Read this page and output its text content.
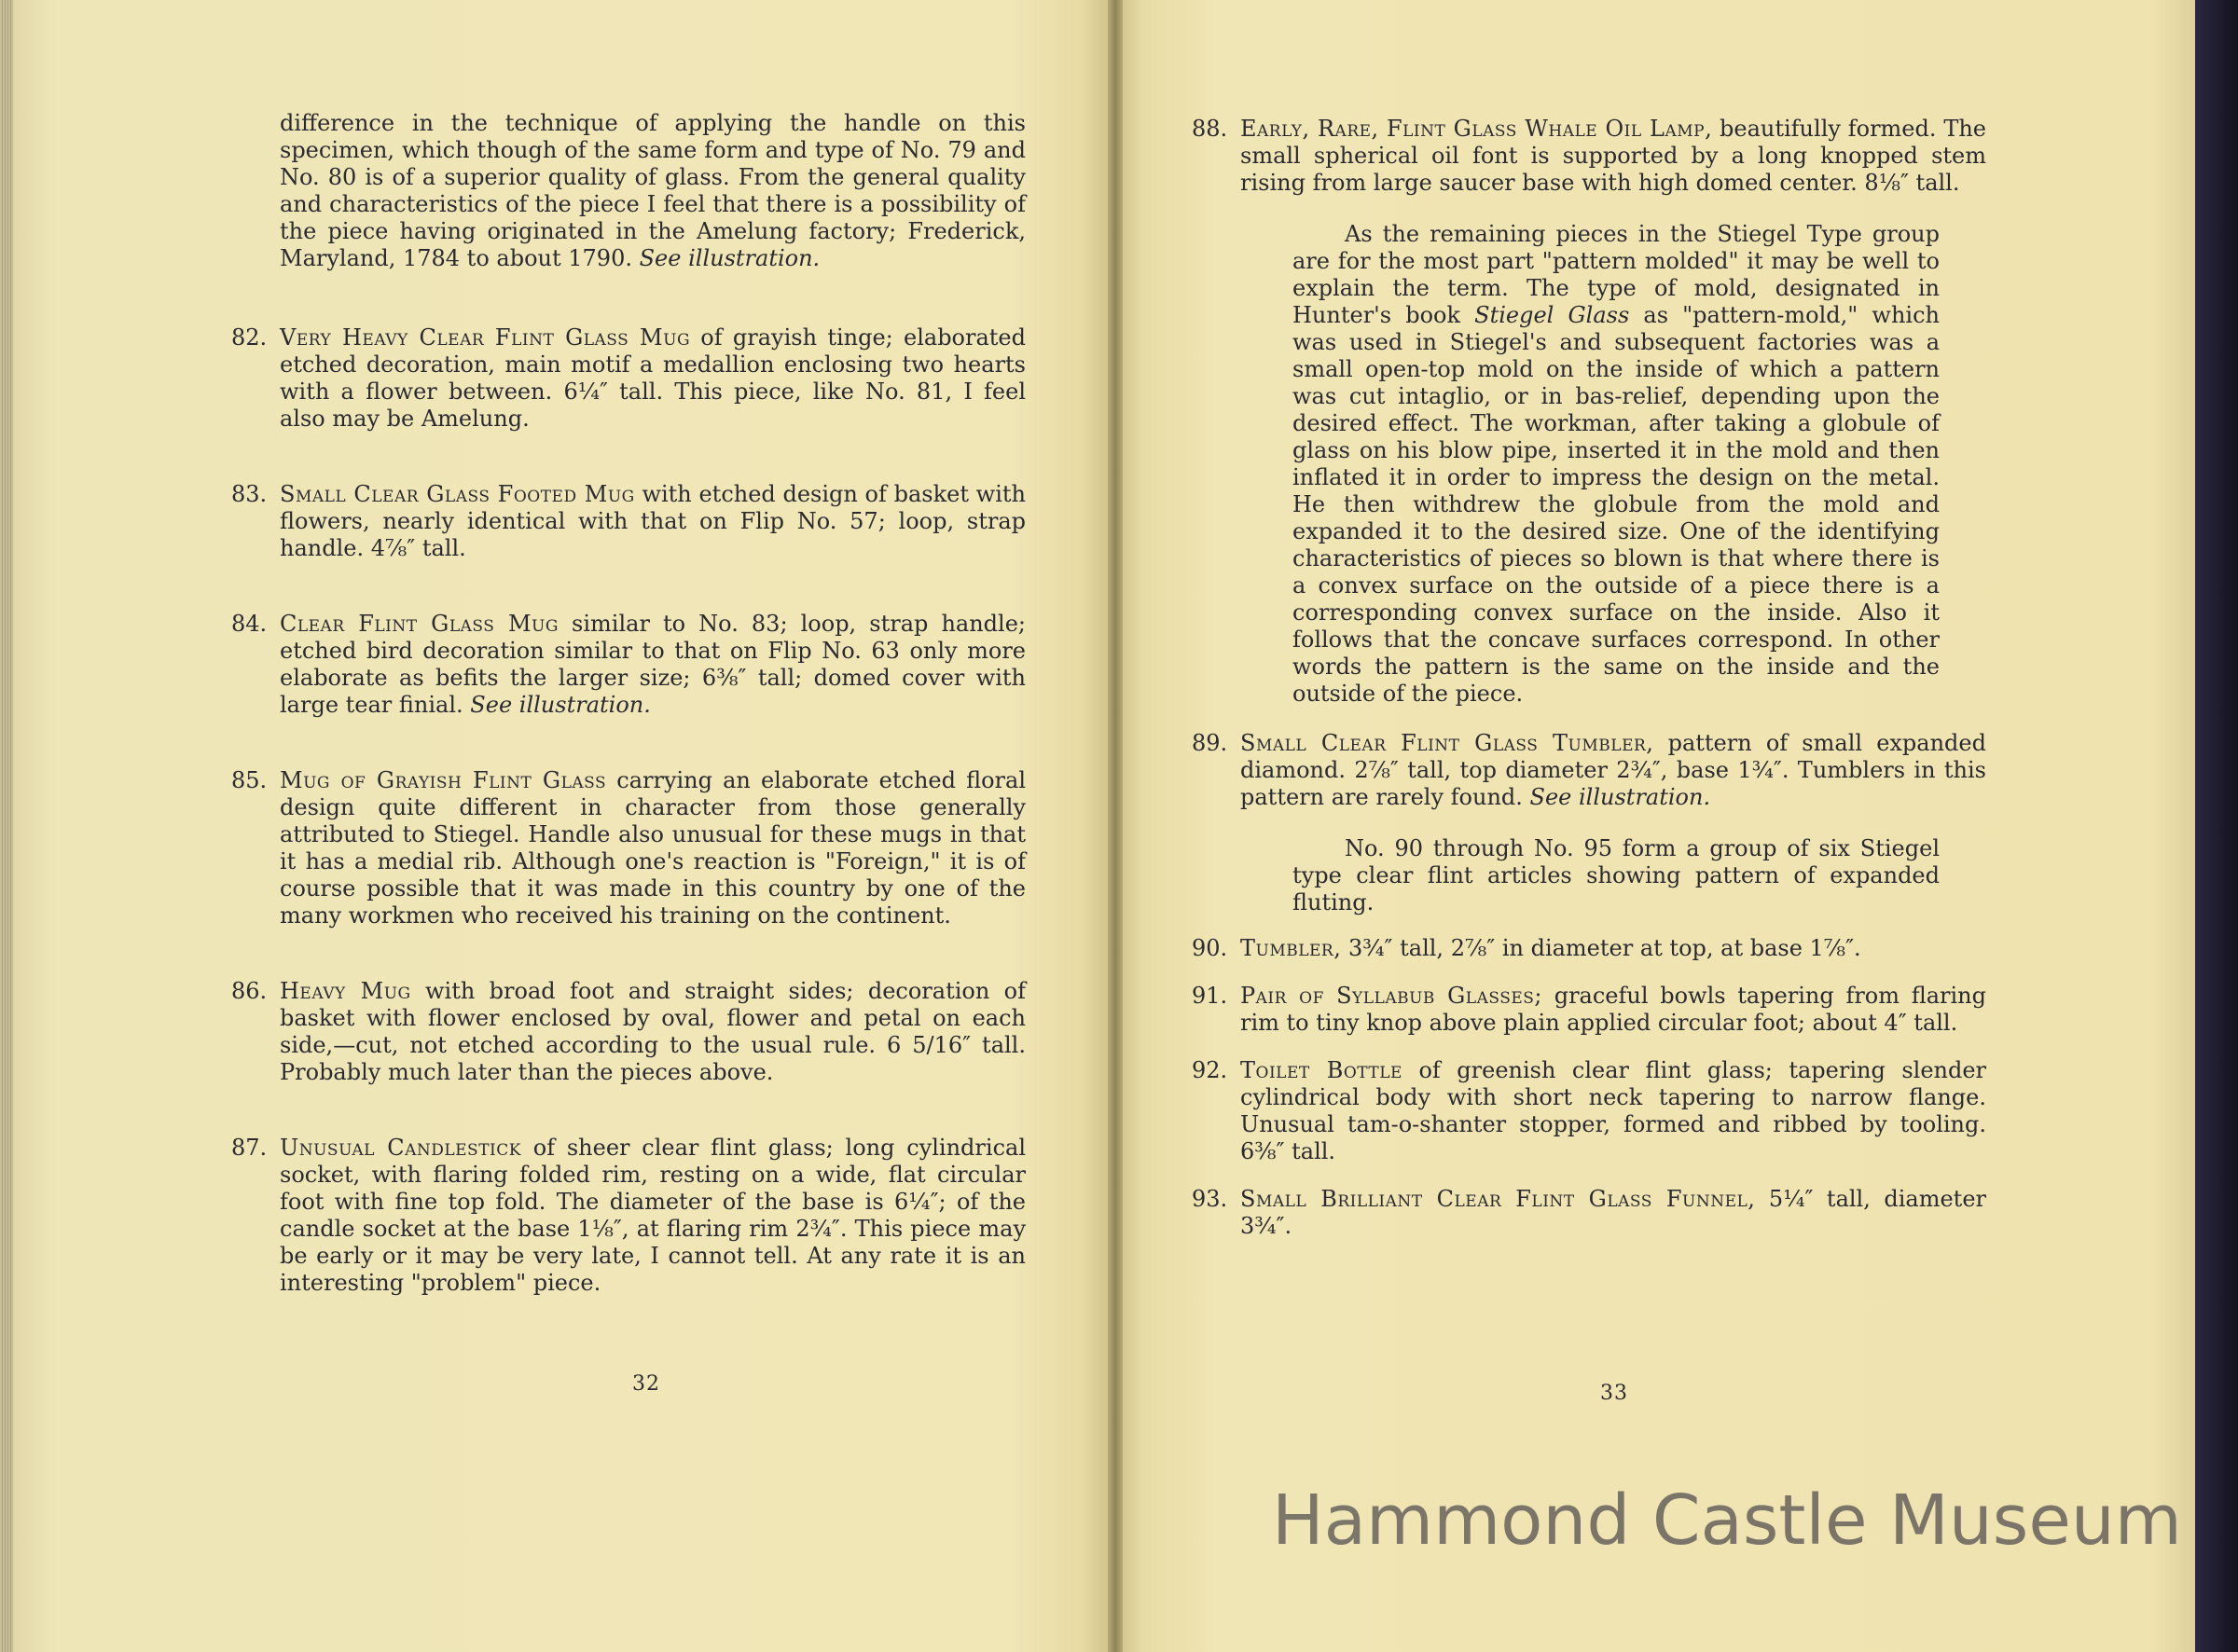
difference in the technique of applying the handle on this specimen, which though of the same form and type of No. 79 and No. 80 is of a superior quality of glass. From the general quality and characteristics of the piece I feel that there is a possibility of the piece having originated in the Amelung factory; Frederick, Maryland, 1784 to about 1790. See illustration.

82. Very Heavy Clear Flint Glass Mug of grayish tinge; elaborated etched decoration, main motif a medallion enclosing two hearts with a flower between. 6¼″ tall. This piece, like No. 81, I feel also may be Amelung.

83. Small Clear Glass Footed Mug with etched design of basket with flowers, nearly identical with that on Flip No. 57; loop, strap handle. 4⅞″ tall.

84. Clear Flint Glass Mug similar to No. 83; loop, strap handle; etched bird decoration similar to that on Flip No. 63 only more elaborate as befits the larger size; 6⅜″ tall; domed cover with large tear finial. See illustration.

85. Mug of Grayish Flint Glass carrying an elaborate etched floral design quite different in character from those generally attributed to Stiegel. Handle also unusual for these mugs in that it has a medial rib. Although one's reaction is "Foreign," it is of course possible that it was made in this country by one of the many workmen who received his training on the continent.

86. Heavy Mug with broad foot and straight sides; decoration of basket with flower enclosed by oval, flower and petal on each side,—cut, not etched according to the usual rule. 6 5/16″ tall. Probably much later than the pieces above.

87. Unusual Candlestick of sheer clear flint glass; long cylindrical socket, with flaring folded rim, resting on a wide, flat circular foot with fine top fold. The diameter of the base is 6¼″; of the candle socket at the base 1⅛″, at flaring rim 2¾″. This piece may be early or it may be very late, I cannot tell. At any rate it is an interesting "problem" piece.

32

88. Early, Rare, Flint Glass Whale Oil Lamp, beautifully formed. The small spherical oil font is supported by a long knopped stem rising from large saucer base with high domed center. 8⅛″ tall.

As the remaining pieces in the Stiegel Type group are for the most part "pattern molded" it may be well to explain the term. The type of mold, designated in Hunter's book Stiegel Glass as "pattern-mold," which was used in Stiegel's and subsequent factories was a small open-top mold on the inside of which a pattern was cut intaglio, or in bas-relief, depending upon the desired effect. The workman, after taking a globule of glass on his blow pipe, inserted it in the mold and then inflated it in order to impress the design on the metal. He then withdrew the globule from the mold and expanded it to the desired size. One of the identifying characteristics of pieces so blown is that where there is a convex surface on the outside of a piece there is a corresponding convex surface on the inside. Also it follows that the concave surfaces correspond. In other words the pattern is the same on the inside and the outside of the piece.

89. Small Clear Flint Glass Tumbler, pattern of small expanded diamond. 2⅞″ tall, top diameter 2¾″, base 1¾″. Tumblers in this pattern are rarely found. See illustration.

No. 90 through No. 95 form a group of six Stiegel type clear flint articles showing pattern of expanded fluting.

90. Tumbler, 3¾″ tall, 2⅞″ in diameter at top, at base 1⅞″.

91. Pair of Syllabub Glasses; graceful bowls tapering from flaring rim to tiny knop above plain applied circular foot; about 4″ tall.

92. Toilet Bottle of greenish clear flint glass; tapering slender cylindrical body with short neck tapering to narrow flange. Unusual tam-o-shanter stopper, formed and ribbed by tooling. 6⅜″ tall.

93. Small Brilliant Clear Flint Glass Funnel, 5¼″ tall, diameter 3¾″.

33
Hammond Castle Museum
